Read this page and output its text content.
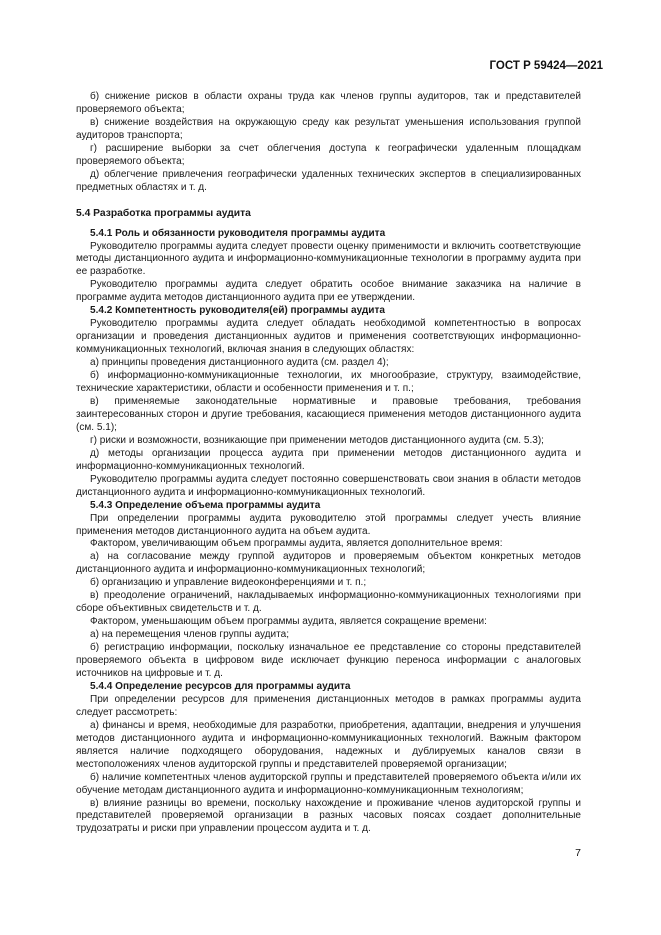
ГОСТ Р 59424—2021

б) снижение рисков в области охраны труда как членов группы аудиторов, так и представителей проверяемого объекта;

в) снижение воздействия на окружающую среду как результат уменьшения использования группой аудиторов транспорта;

г) расширение выборки за счет облегчения доступа к географически удаленным площадкам проверяемого объекта;

д) облегчение привлечения географически удаленных технических экспертов в специализированных предметных областях и т. д.

5.4 Разработка программы аудита
5.4.1 Роль и обязанности руководителя программы аудита

Руководителю программы аудита следует провести оценку применимости и включить соответствующие методы дистанционного аудита и информационно-коммуникационные технологии в программу аудита при ее разработке.

Руководителю программы аудита следует обратить особое внимание заказчика на наличие в программе аудита методов дистанционного аудита при ее утверждении.

5.4.2 Компетентность руководителя(ей) программы аудита

Руководителю программы аудита следует обладать необходимой компетентностью в вопросах организации и проведения дистанционных аудитов и применения соответствующих информационно-коммуникационных технологий, включая знания в следующих областях:

а) принципы проведения дистанционного аудита (см. раздел 4);

б) информационно-коммуникационные технологии, их многообразие, структуру, взаимодействие, технические характеристики, области и особенности применения и т. п.;

в) применяемые законодательные нормативные и правовые требования, требования заинтересованных сторон и другие требования, касающиеся применения методов дистанционного аудита (см. 5.1);

г) риски и возможности, возникающие при применении методов дистанционного аудита (см. 5.3);

д) методы организации процесса аудита при применении методов дистанционного аудита и информационно-коммуникационных технологий.

Руководителю программы аудита следует постоянно совершенствовать свои знания в области методов дистанционного аудита и информационно-коммуникационных технологий.

5.4.3 Определение объема программы аудита

При определении программы аудита руководителю этой программы следует учесть влияние применения методов дистанционного аудита на объем аудита.

Фактором, увеличивающим объем программы аудита, является дополнительное время:

а) на согласование между группой аудиторов и проверяемым объектом конкретных методов дистанционного аудита и информационно-коммуникационных технологий;

б) организацию и управление видеоконференциями и т. п.;

в) преодоление ограничений, накладываемых информационно-коммуникационных технологиями при сборе объективных свидетельств и т. д.

Фактором, уменьшающим объем программы аудита, является сокращение времени:

а) на перемещения членов группы аудита;

б) регистрацию информации, поскольку изначальное ее представление со стороны представителей проверяемого объекта в цифровом виде исключает функцию переноса информации с аналоговых источников на цифровые и т. д.

5.4.4 Определение ресурсов для программы аудита

При определении ресурсов для применения дистанционных методов в рамках программы аудита следует рассмотреть:

а) финансы и время, необходимые для разработки, приобретения, адаптации, внедрения и улучшения методов дистанционного аудита и информационно-коммуникационных технологий. Важным фактором является наличие подходящего оборудования, надежных и дублируемых каналов связи в местоположениях членов аудиторской группы и представителей проверяемой организации;

б) наличие компетентных членов аудиторской группы и представителей проверяемого объекта и/или их обучение методам дистанционного аудита и информационно-коммуникационным технологиям;

в) влияние разницы во времени, поскольку нахождение и проживание членов аудиторской группы и представителей проверяемой организации в разных часовых поясах создает дополнительные трудозатраты и риски при управлении процессом аудита и т. д.

7
